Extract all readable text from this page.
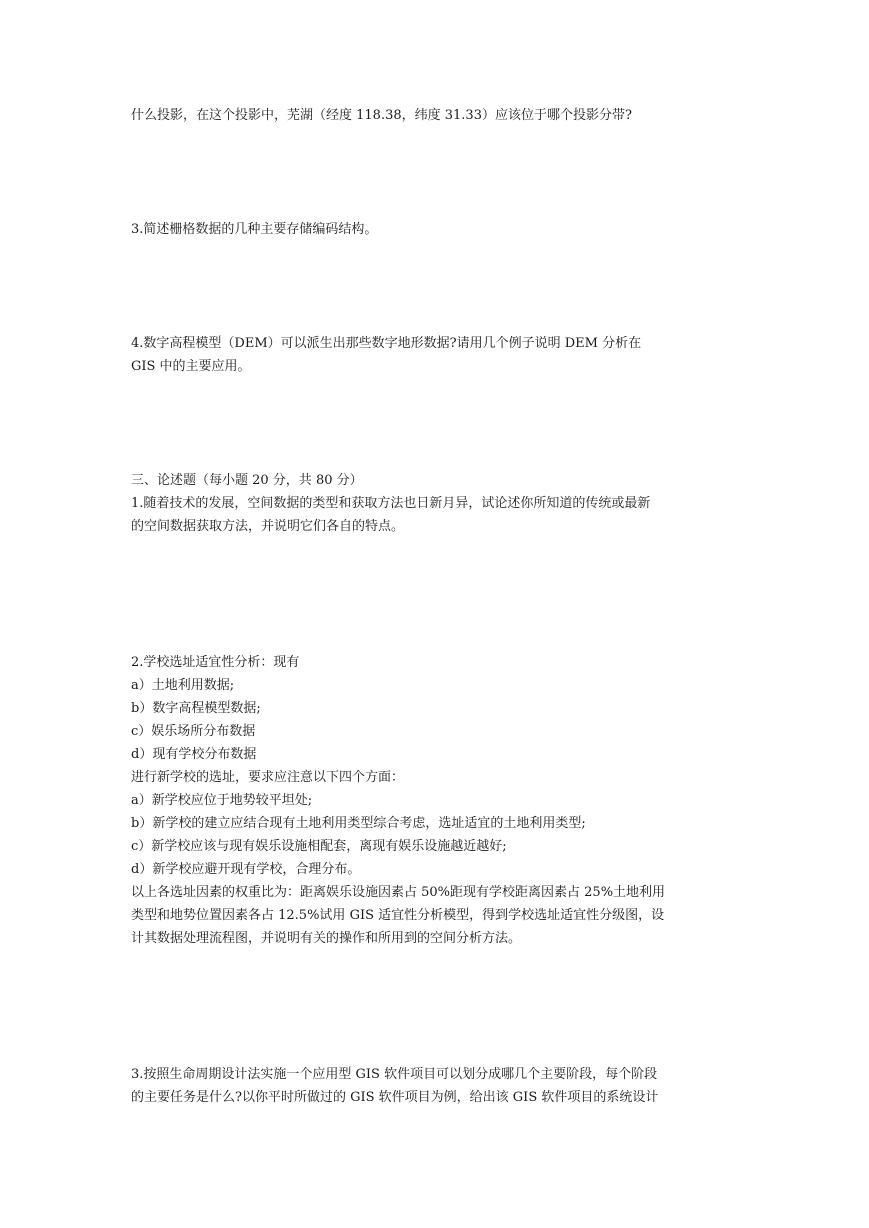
什么投影，在这个投影中，芜湖（经度 118.38，纬度 31.33）应该位于哪个投影分带?
3.简述栅格数据的几种主要存储编码结构。
4.数字高程模型（DEM）可以派生出那些数字地形数据?请用几个例子说明 DEM 分析在
GIS 中的主要应用。
三、论述题（每小题 20 分，共 80 分）
1.随着技术的发展，空间数据的类型和获取方法也日新月异，试论述你所知道的传统或最新
的空间数据获取方法，并说明它们各自的特点。
2.学校选址适宜性分析：现有
a）土地利用数据;
b）数字高程模型数据;
c）娱乐场所分布数据
d）现有学校分布数据
进行新学校的选址，要求应注意以下四个方面：
a）新学校应位于地势较平坦处;
b）新学校的建立应结合现有土地利用类型综合考虑，选址适宜的土地利用类型;
c）新学校应该与现有娱乐设施相配套，离现有娱乐设施越近越好;
d）新学校应避开现有学校，合理分布。
以上各选址因素的权重比为：距离娱乐设施因素占 50%距现有学校距离因素占 25%土地利用
类型和地势位置因素各占 12.5%试用 GIS 适宜性分析模型，得到学校选址适宜性分级图，设
计其数据处理流程图，并说明有关的操作和所用到的空间分析方法。
3.按照生命周期设计法实施一个应用型 GIS 软件项目可以划分成哪几个主要阶段，每个阶段
的主要任务是什么?以你平时所做过的 GIS 软件项目为例，给出该 GIS 软件项目的系统设计
